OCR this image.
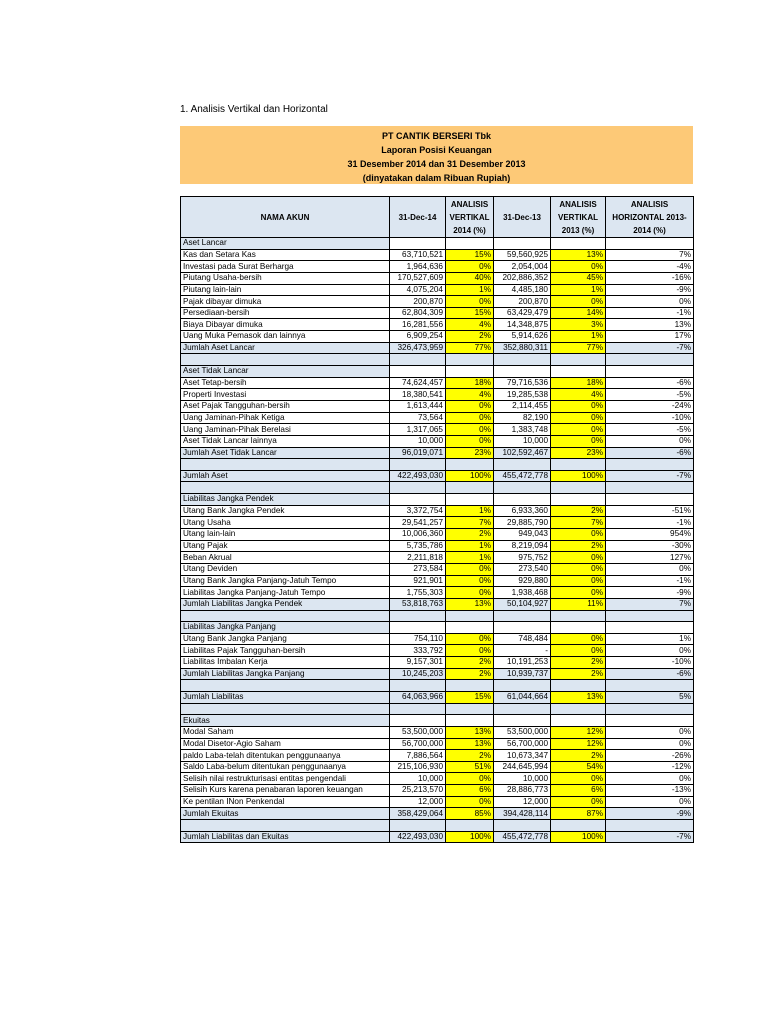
1. Analisis Vertikal dan Horizontal
PT CANTIK BERSERI Tbk
Laporan Posisi Keuangan
31 Desember 2014 dan 31 Desember 2013
(dinyatakan dalam Ribuan Rupiah)
NAMA AKUN	31-Dec-14	ANALISIS VERTIKAL 2014 (%)	31-Dec-13	ANALISIS VERTIKAL 2013 (%)	ANALISIS HORIZONTAL 2013-2014 (%)
Aset Lancar					
Kas dan Setara Kas	63,710,521	15%	59,560,925	13%	7%
Investasi pada Surat Berharga	1,964,636	0%	2,054,004	0%	-4%
Piutang Usaha-bersih	170,527,609	40%	202,886,352	45%	-16%
Piutang lain-lain	4,075,204	1%	4,485,180	1%	-9%
Pajak dibayar dimuka	200,870	0%	200,870	0%	0%
Persediaan-bersih	62,804,309	15%	63,429,479	14%	-1%
Biaya Dibayar dimuka	16,281,556	4%	14,348,875	3%	13%
Uang Muka Pemasok dan lainnya	6,909,254	2%	5,914,626	1%	17%
Jumlah Aset Lancar	326,473,959	77%	352,880,311	77%	-7%

Aset Tidak Lancar					
Aset Tetap-bersih	74,624,457	18%	79,716,536	18%	-6%
Properti Investasi	18,380,541	4%	19,285,538	4%	-5%
Aset Pajak Tangguhan-bersih	1,613,444	0%	2,114,455	0%	-24%
Uang Jaminan-Pihak Ketiga	73,564	0%	82,190	0%	-10%
Uang Jaminan-Pihak Berelasi	1,317,065	0%	1,383,748	0%	-5%
Aset Tidak Lancar lainnya	10,000	0%	10,000	0%	0%
Jumlah Aset Tidak Lancar	96,019,071	23%	102,592,467	23%	-6%

Jumlah Aset	422,493,030	100%	455,472,778	100%	-7%

Liabilitas Jangka Pendek					
Utang Bank Jangka Pendek	3,372,754	1%	6,933,360	2%	-51%
Utang Usaha	29,541,257	7%	29,885,790	7%	-1%
Utang lain-lain	10,006,360	2%	949,043	0%	954%
Utang Pajak	5,735,786	1%	8,219,094	2%	-30%
Beban Akrual	2,211,818	1%	975,752	0%	127%
Utang Deviden	273,584	0%	273,540	0%	0%
Utang Bank Jangka Panjang-Jatuh Tempo	921,901	0%	929,880	0%	-1%
Liabilitas Jangka Panjang-Jatuh Tempo	1,755,303	0%	1,938,468	0%	-9%
Jumlah Liabilitas Jangka Pendek	53,818,763	13%	50,104,927	11%	7%

Liabilitas Jangka Panjang					
Utang Bank Jangka Panjang	754,110	0%	748,484	0%	1%
Liabilitas Pajak Tangguhan-bersih	333,792	0%	-	0%	0%
Liabilitas Imbalan Kerja	9,157,301	2%	10,191,253	2%	-10%
Jumlah Liabilitas Jangka Panjang	10,245,203	2%	10,939,737	2%	-6%

Jumlah Liabilitas	64,063,966	15%	61,044,664	13%	5%

Ekuitas					
Modal Saham	53,500,000	13%	53,500,000	12%	0%
Modal Disetor-Agio Saham	56,700,000	13%	56,700,000	12%	0%
paldo Laba-telah ditentukan penggunaanya	7,886,564	2%	10,673,347	2%	-26%
Saldo Laba-belum ditentukan penggunaanya	215,106,930	51%	244,645,994	54%	-12%
Selisih nilai restrukturisasi entitas pengendali	10,000	0%	10,000	0%	0%
Selisih Kurs karena penabaran laporen keuangan	25,213,570	6%	28,886,773	6%	-13%
Ke pentilan INon Penkendal	12,000	0%	12,000	0%	0%
Jumlah Ekuitas	358,429,064	85%	394,428,114	87%	-9%

Jumlah Liabilitas dan Ekuitas	422,493,030	100%	455,472,778	100%	-7%
